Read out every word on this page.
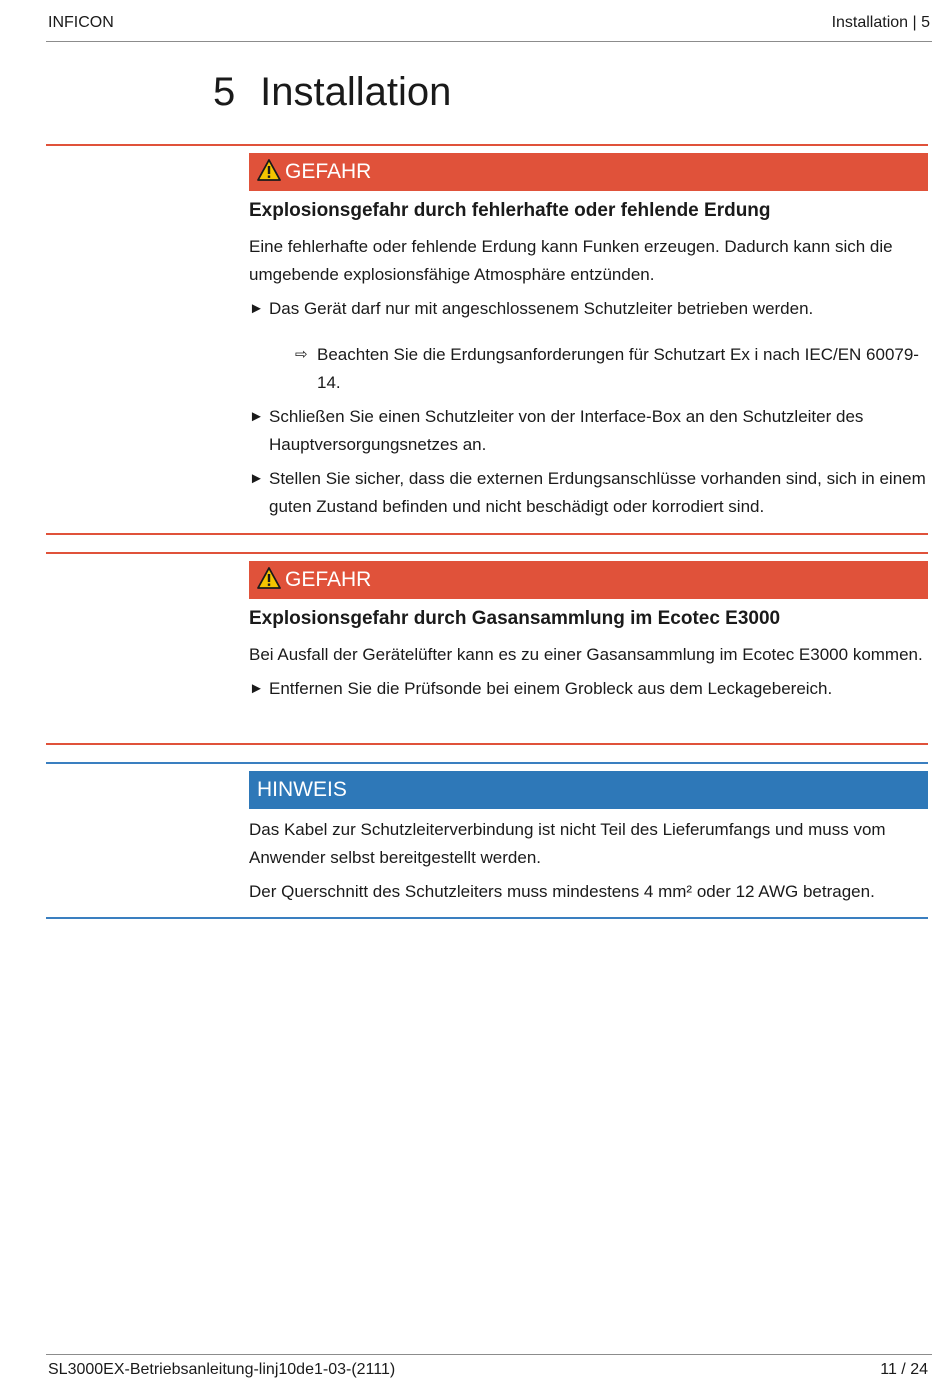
INFICON	Installation | 5
5 Installation
GEFAHR

Explosionsgefahr durch fehlerhafte oder fehlende Erdung

Eine fehlerhafte oder fehlende Erdung kann Funken erzeugen. Dadurch kann sich die umgebende explosionsfähige Atmosphäre entzünden.

► Das Gerät darf nur mit angeschlossenem Schutzleiter betrieben werden.
⇨ Beachten Sie die Erdungsanforderungen für Schutzart Ex i nach IEC/EN 60079-14.
► Schließen Sie einen Schutzleiter von der Interface-Box an den Schutzleiter des Hauptversorgungsnetzes an.
► Stellen Sie sicher, dass die externen Erdungsanschlüsse vorhanden sind, sich in einem guten Zustand befinden und nicht beschädigt oder korrodiert sind.
GEFAHR

Explosionsgefahr durch Gasansammlung im Ecotec E3000

Bei Ausfall der Gerätelüfter kann es zu einer Gasansammlung im Ecotec E3000 kommen.

► Entfernen Sie die Prüfsonde bei einem Grobleck aus dem Leckagebereich.
HINWEIS

Das Kabel zur Schutzleiterverbindung ist nicht Teil des Lieferumfangs und muss vom Anwender selbst bereitgestellt werden.

Der Querschnitt des Schutzleiters muss mindestens 4 mm² oder 12 AWG betragen.

SL3000EX-Betriebsanleitung-linj10de1-03-(2111)	11 / 24
